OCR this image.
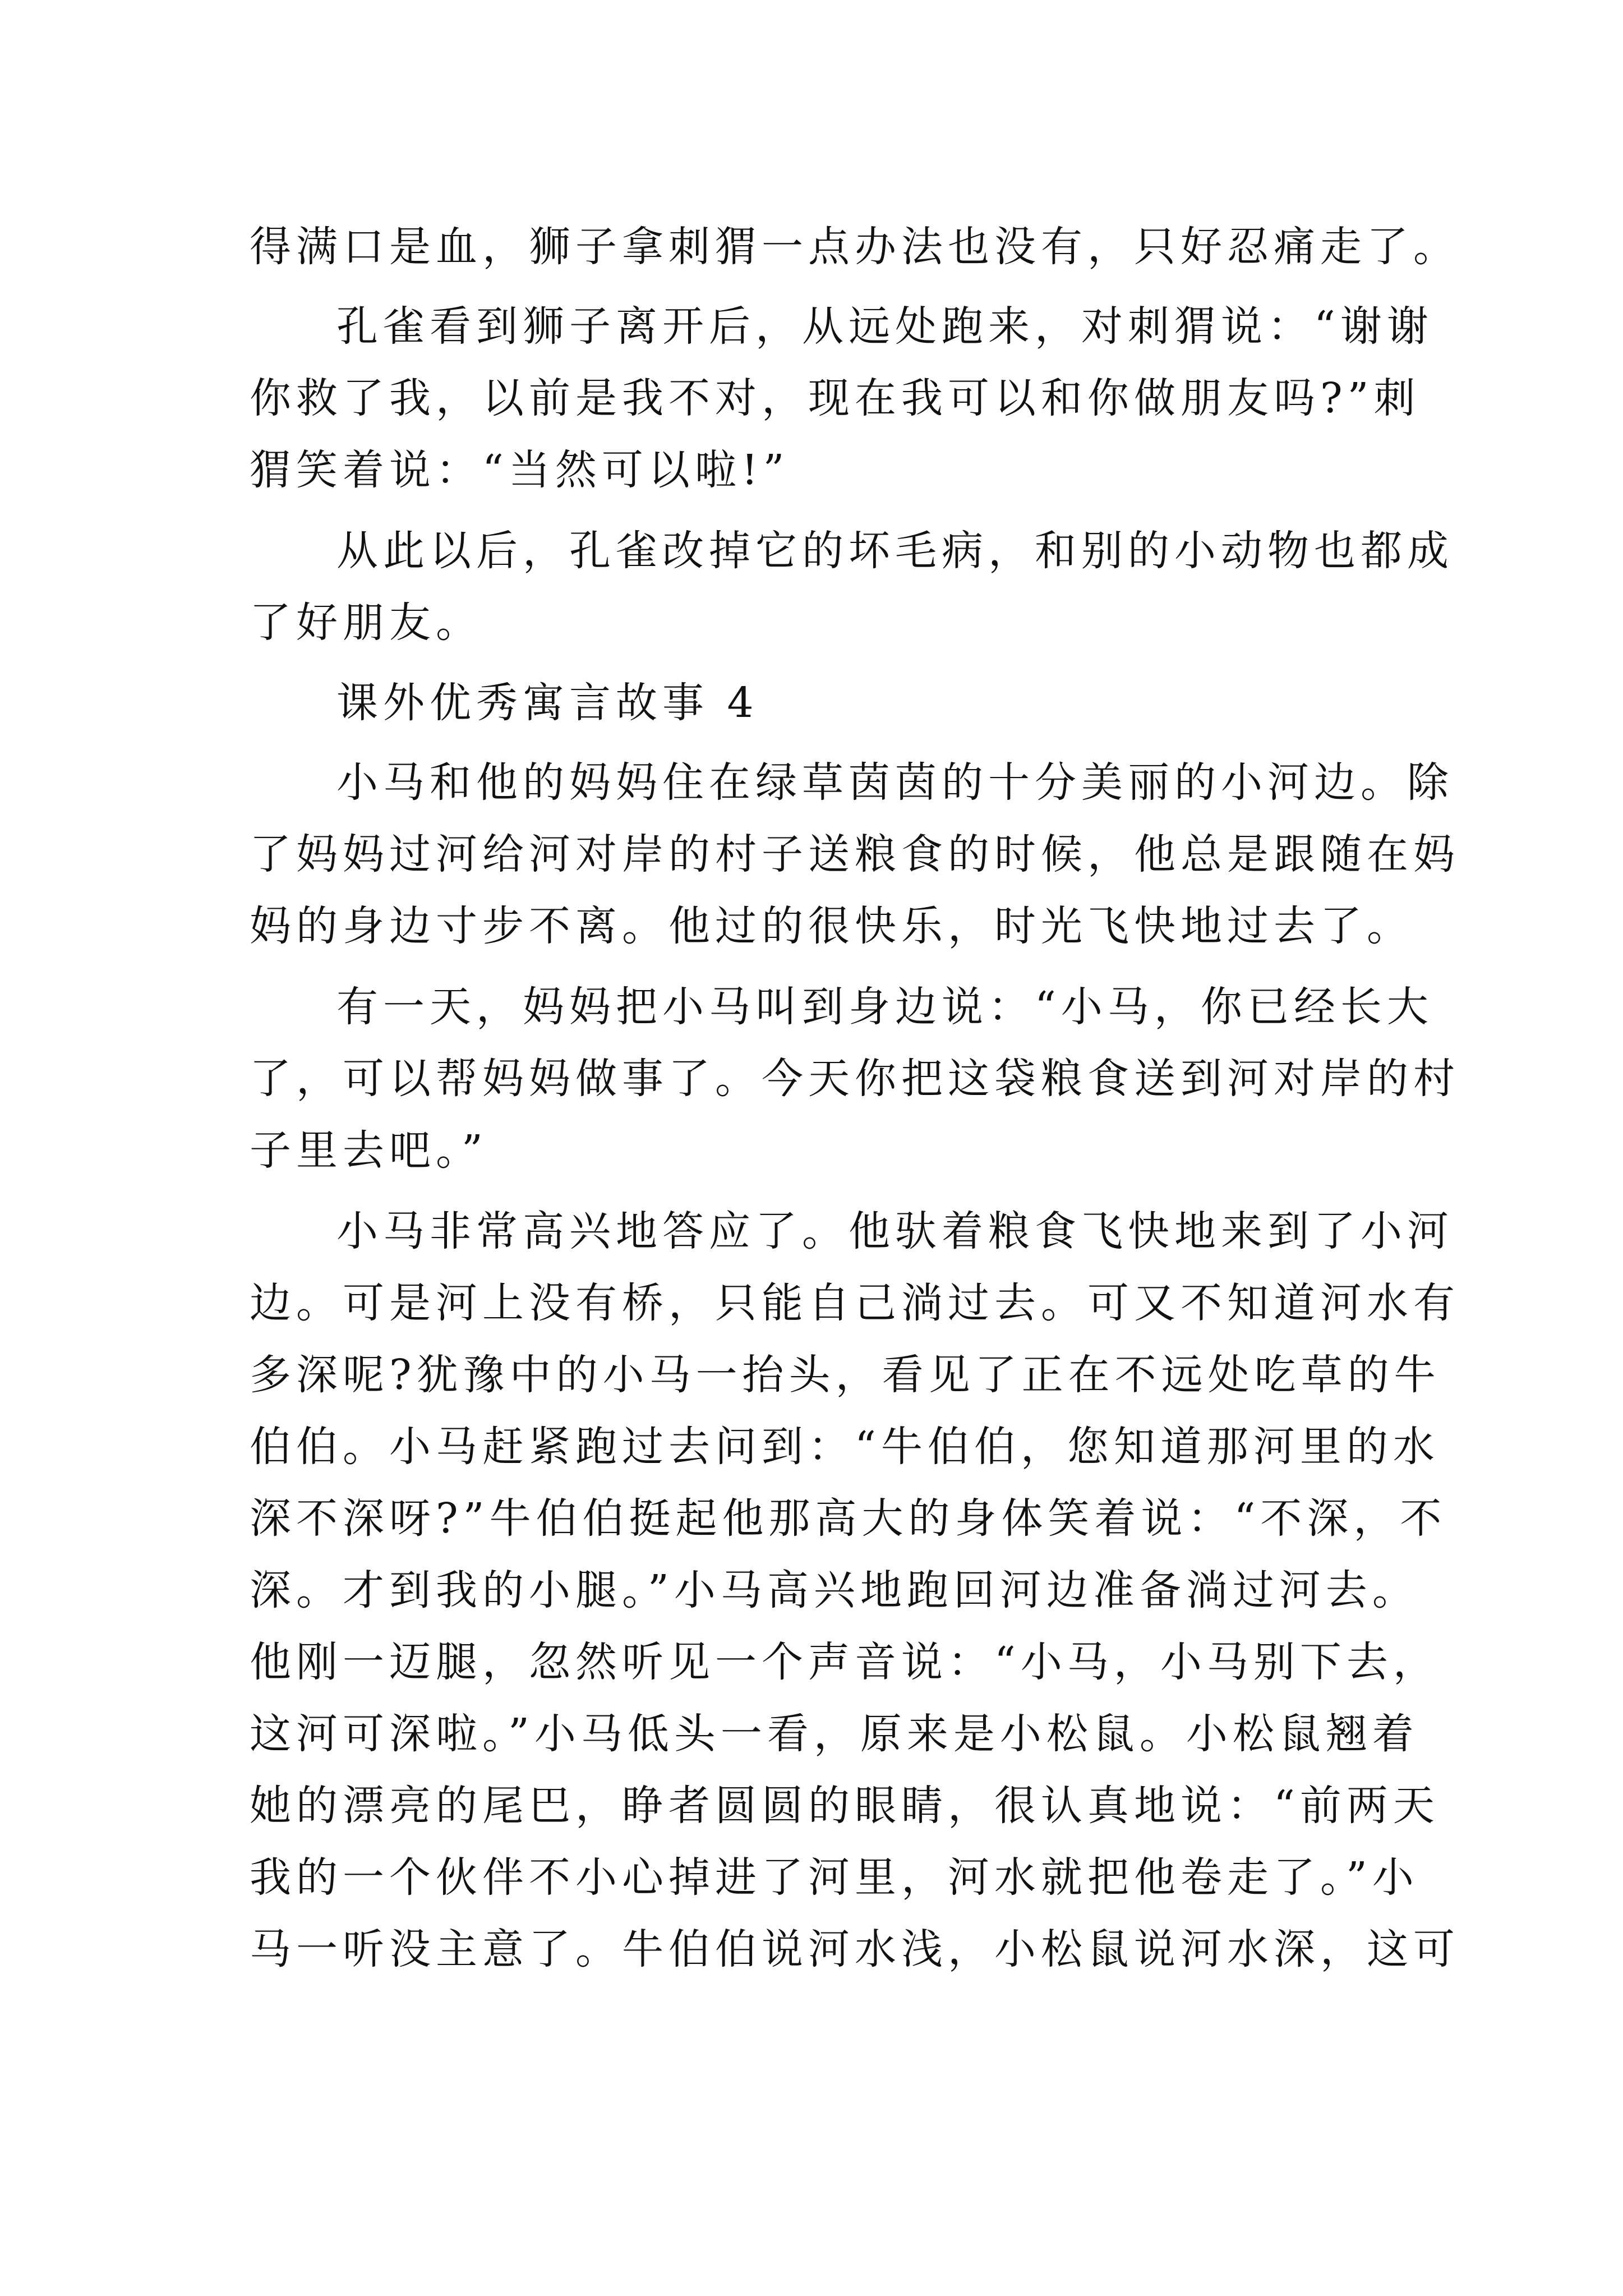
得满口是血，狮子拿刺猬一点办法也没有，只好忍痛走了。
孔雀看到狮子离开后，从远处跑来，对刺猬说：“谢谢
你救了我，以前是我不对，现在我可以和你做朋友吗?”刺
猬笑着说：“当然可以啦!”
从此以后，孔雀改掉它的坏毛病，和别的小动物也都成
了好朋友。
课外优秀寓言故事 4
小马和他的妈妈住在绿草茵茵的十分美丽的小河边。除
了妈妈过河给河对岸的村子送粮食的时候，他总是跟随在妈
妈的身边寸步不离。他过的很快乐，时光飞快地过去了。
有一天，妈妈把小马叫到身边说：“小马，你已经长大
了，可以帮妈妈做事了。今天你把这袋粮食送到河对岸的村
子里去吧。”
小马非常高兴地答应了。他驮着粮食飞快地来到了小河
边。可是河上没有桥，只能自己淌过去。可又不知道河水有
多深呢?犹豫中的小马一抬头，看见了正在不远处吃草的牛
伯伯。小马赶紧跑过去问到：“牛伯伯，您知道那河里的水
深不深呀?”牛伯伯挺起他那高大的身体笑着说：“不深，不
深。才到我的小腿。”小马高兴地跑回河边准备淌过河去。
他刚一迈腿，忽然听见一个声音说：“小马，小马别下去，
这河可深啦。”小马低头一看，原来是小松鼠。小松鼠翘着
她的漂亮的尾巴，睁者圆圆的眼睛，很认真地说：“前两天
我的一个伙伴不小心掉进了河里，河水就把他卷走了。”小
马一听没主意了。牛伯伯说河水浅，小松鼠说河水深，这可
